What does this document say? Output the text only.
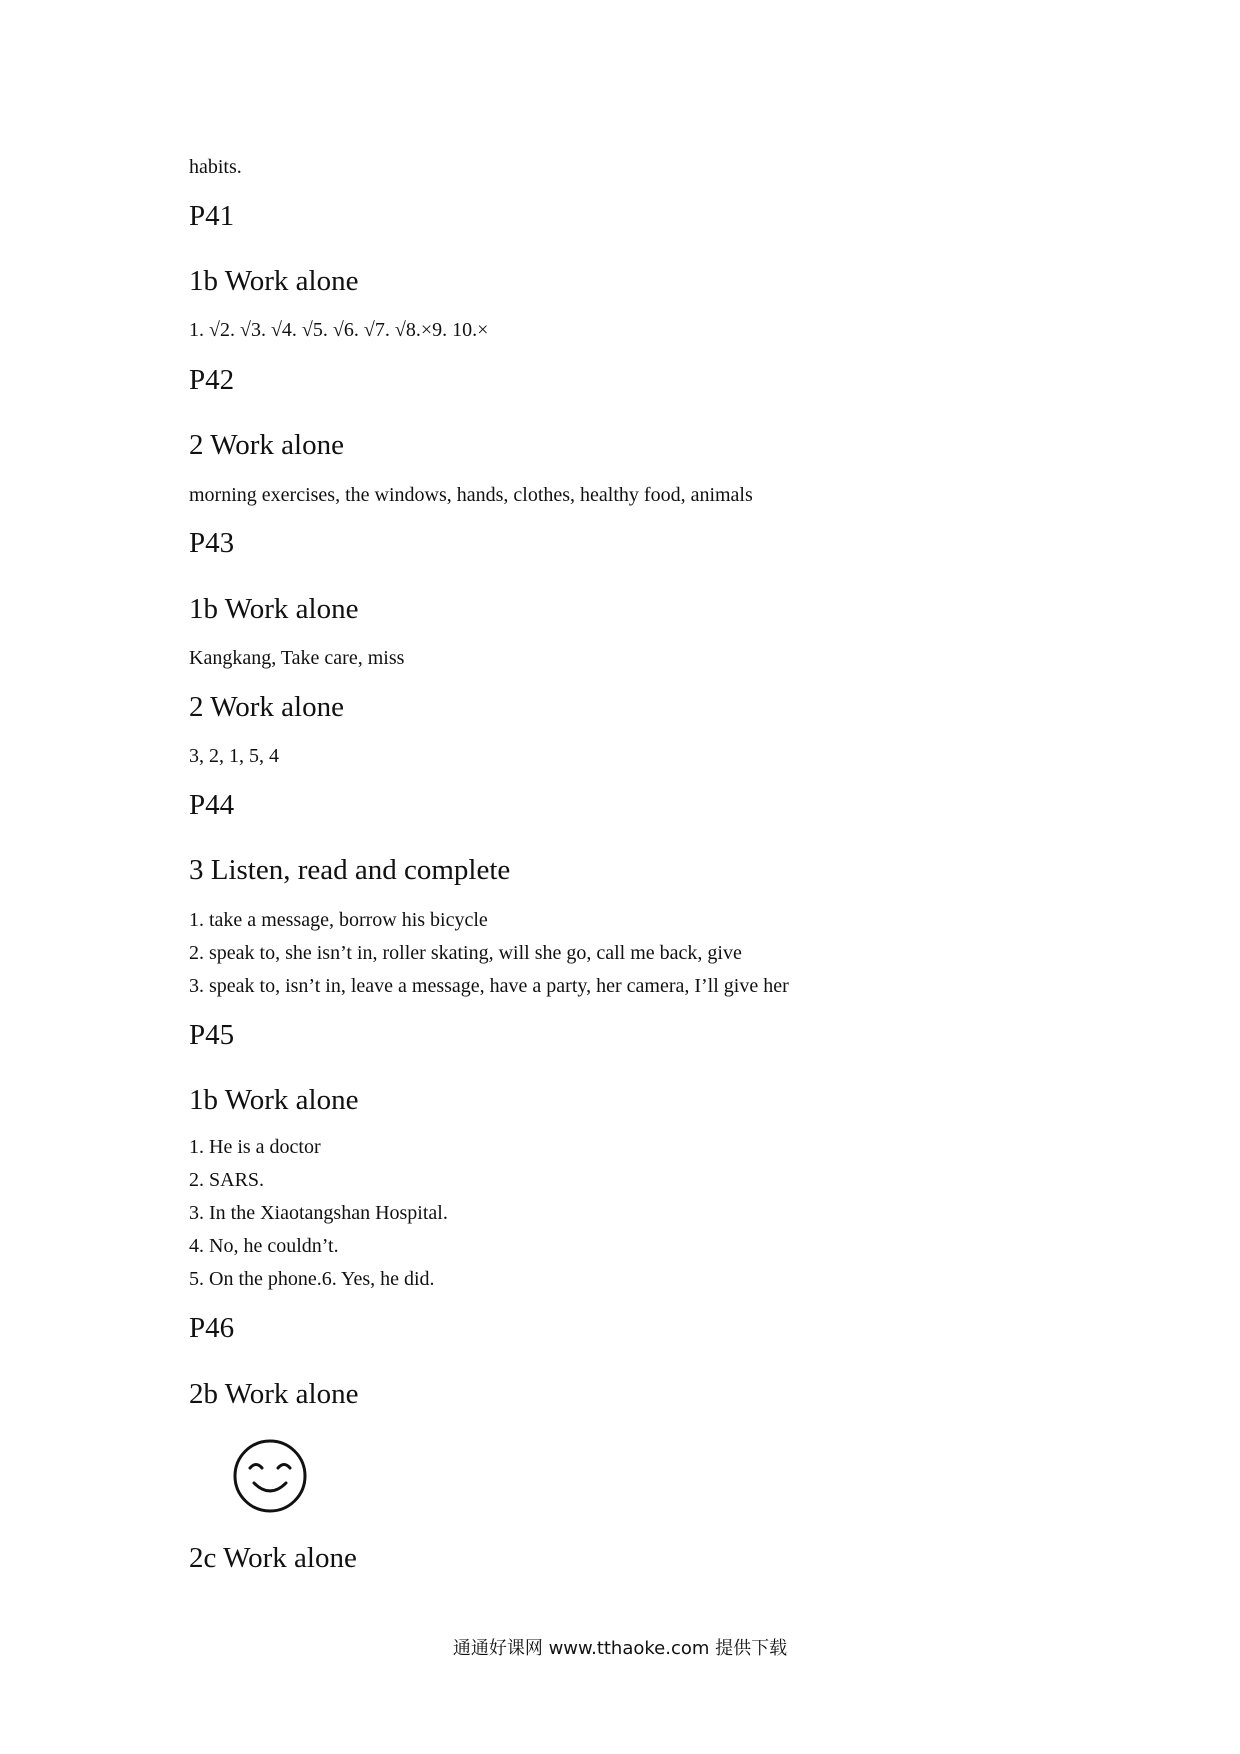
habits.
P41
1b Work alone
1. √2. √3. √4. √5. √6. √7. √8.×9. 10.×
P42
2 Work alone
morning exercises, the windows, hands, clothes, healthy food, animals
P43
1b Work alone
Kangkang, Take care, miss
2 Work alone
3, 2, 1, 5, 4
P44
3 Listen, read and complete
1. take a message, borrow his bicycle
2. speak to, she isn’t in, roller skating, will she go, call me back, give
3. speak to, isn’t in, leave a message, have a party, her camera, I’ll give her
P45
1b Work alone
1. He is a doctor
2. SARS.
3. In the Xiaotangshan Hospital.
4. No, he couldn’t.
5. On the phone.6. Yes, he did.
P46
2b Work alone
2c Work alone
通通好课网 www.tthaoke.com 提供下载
